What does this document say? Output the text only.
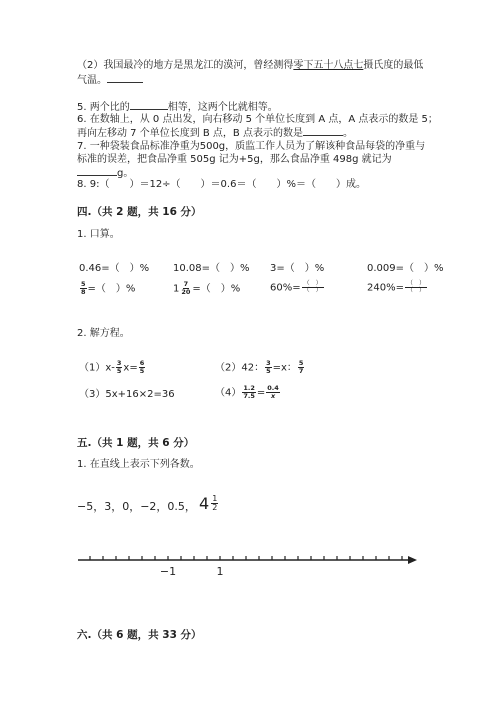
（2）我国最冷的地方是黑龙江的漠河，曾经测得零下五十八点七摄氏度的最低
气温。
5. 两个比的	相等，这两个比就相等。
6. 在数轴上，从 0 点出发，向右移动 5 个单位长度到 A 点，A 点表示的数是 5；
再向左移动 7 个单位长度到 B 点，B 点表示的数是	。
7. 一种袋装食品标准净重为500g，质监工作人员为了解该种食品每袋的净重与
标准的误差，把食品净重 505g 记为+5g，那么食品净重 498g 就记为
g。
8. 9:（　　）＝12÷（　　）＝0.6＝（　　）%＝（　　）成。
四.（共 2 题，共 16 分）
1. 口算。
0.46=（　）% 10.08=（　）% 3=（　）%	0.009=（　）%
$\frac{5}{8}$ =（　）%	$1 \frac{7}{20}$ =（　）%	$60\%= \frac{( )}{( )}$	$240\%= \frac{( )}{( )}$
2. 解方程。
$(1)x- \frac{3}{5} x= \frac{6}{5}$	（2）42： $\frac{3}{5} =x$： $\frac{5}{7}$
（3）5x+16×2=36	$(4) \frac{1.2}{7.5} = \frac{0.4}{x}$
五.（共 1 题，共 6 分）
1. 在直线上表示下列各数。
−5，3，0，−2，0.5， $4 \frac{1}{2}$
−1	1
六.（共 6 题，共 33 分）
